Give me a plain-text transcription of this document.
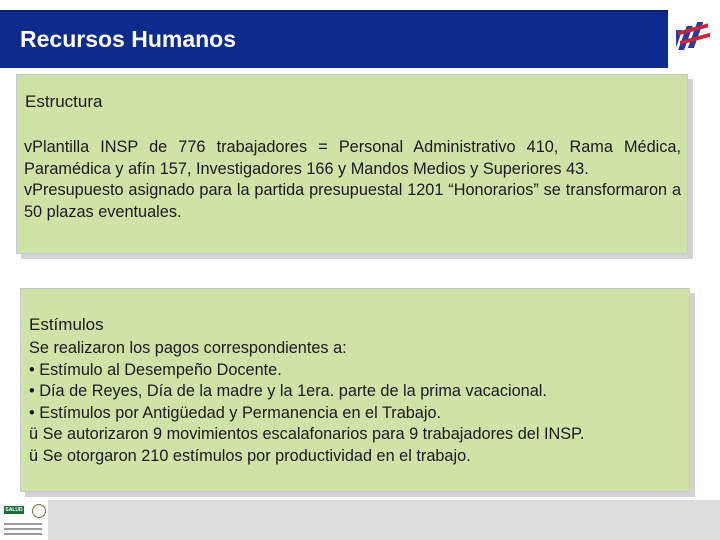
Recursos Humanos
Estructura
vPlantilla INSP de 776 trabajadores = Personal Administrativo 410, Rama Médica, Paramédica y afín 157, Investigadores 166 y Mandos Medios y Superiores 43.
vPresupuesto asignado para la partida presupuestal 1201 “Honorarios” se transformaron a 50 plazas eventuales.
Estímulos
Se realizaron los pagos correspondientes a:
• Estímulo al Desempeño Docente.
• Día de Reyes, Día de la madre y la 1era. parte de la prima vacacional.
• Estímulos por Antigüedad y Permanencia en el Trabajo.
ü Se autorizaron 9 movimientos escalafonarios para 9 trabajadores del INSP.
ü Se otorgaron 210 estímulos por productividad en el trabajo.
SALUD
